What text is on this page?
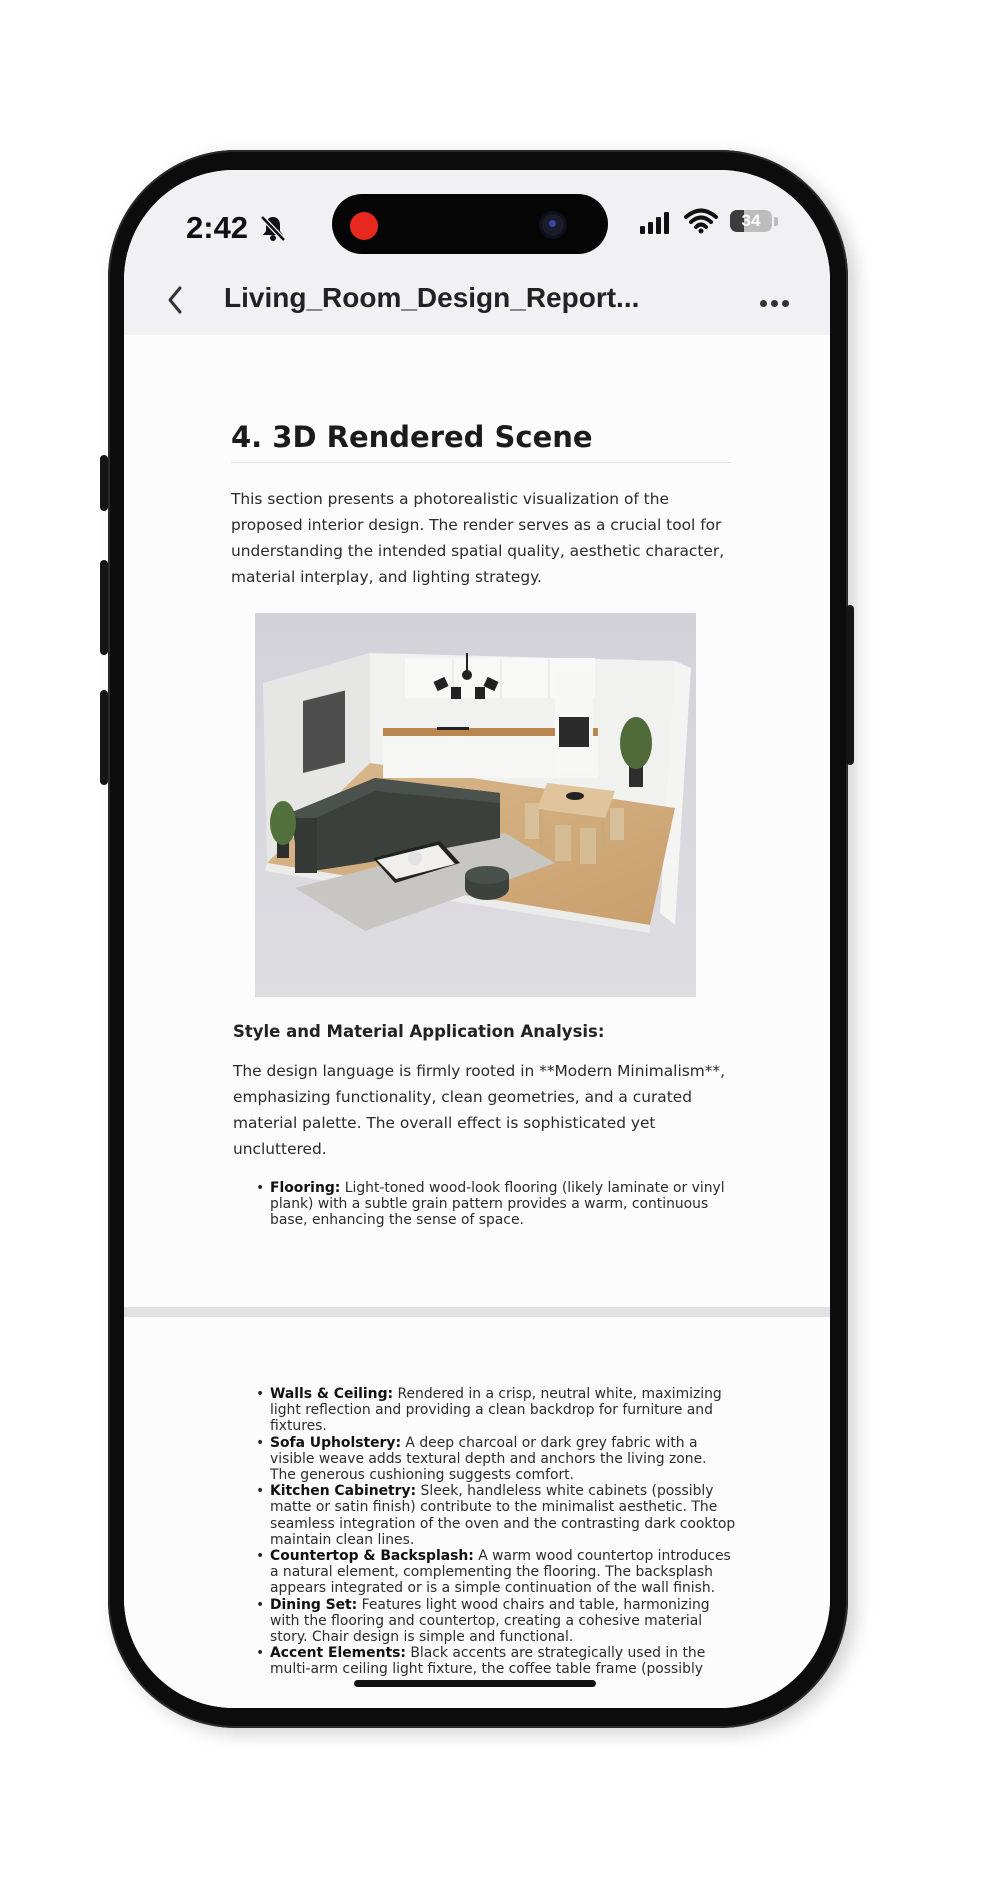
2:42	34
Living_Room_Design_Report...
4. 3D Rendered Scene
This section presents a photorealistic visualization of the proposed interior design. The render serves as a crucial tool for understanding the intended spatial quality, aesthetic character, material interplay, and lighting strategy.
Style and Material Application Analysis:
The design language is firmly rooted in **Modern Minimalism**, emphasizing functionality, clean geometries, and a curated material palette. The overall effect is sophisticated yet uncluttered.
• Flooring: Light-toned wood-look flooring (likely laminate or vinyl plank) with a subtle grain pattern provides a warm, continuous base, enhancing the sense of space.
• Walls & Ceiling: Rendered in a crisp, neutral white, maximizing light reflection and providing a clean backdrop for furniture and fixtures.
• Sofa Upholstery: A deep charcoal or dark grey fabric with a visible weave adds textural depth and anchors the living zone. The generous cushioning suggests comfort.
• Kitchen Cabinetry: Sleek, handleless white cabinets (possibly matte or satin finish) contribute to the minimalist aesthetic. The seamless integration of the oven and the contrasting dark cooktop maintain clean lines.
• Countertop & Backsplash: A warm wood countertop introduces a natural element, complementing the flooring. The backsplash appears integrated or is a simple continuation of the wall finish.
• Dining Set: Features light wood chairs and table, harmonizing with the flooring and countertop, creating a cohesive material story. Chair design is simple and functional.
• Accent Elements: Black accents are strategically used in the multi-arm ceiling light fixture, the coffee table frame (possibly
